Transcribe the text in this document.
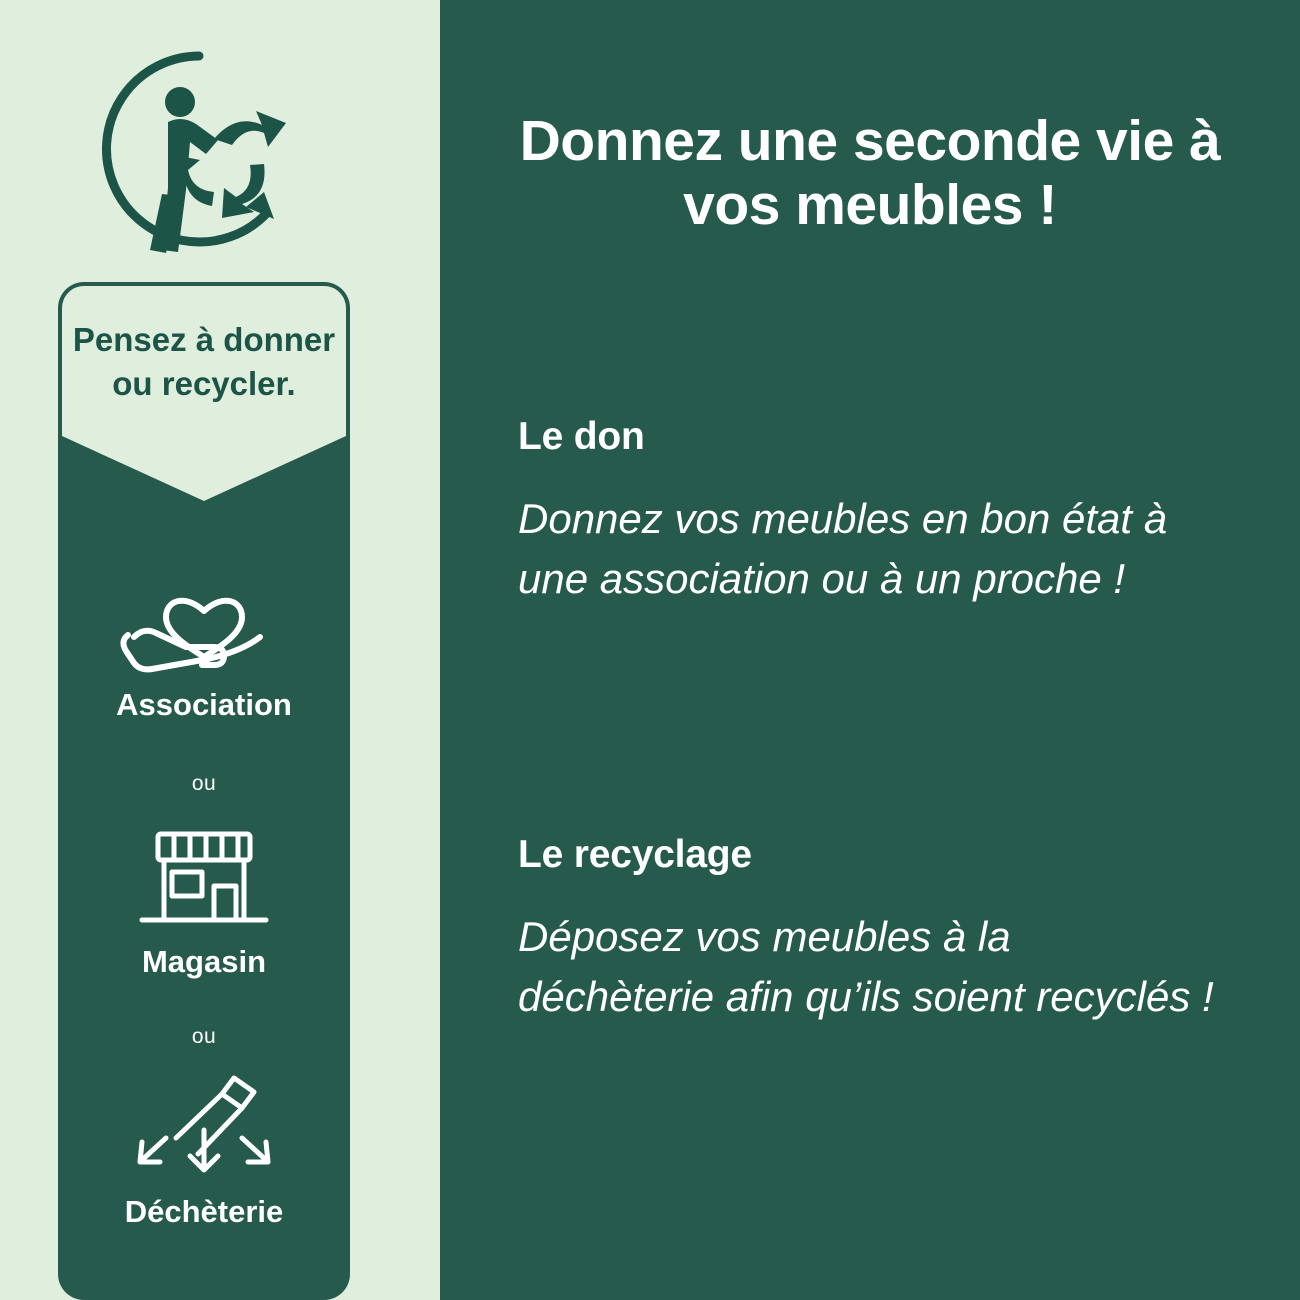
Pensez à donner ou recycler.
Association
ou
Magasin
ou
Déchèterie
Donnez une seconde vie à vos meubles !
Le don

Donnez vos meubles en bon état à une association ou à un proche !

Le recyclage

Déposez vos meubles à la déchèterie afin qu’ils soient recyclés !
